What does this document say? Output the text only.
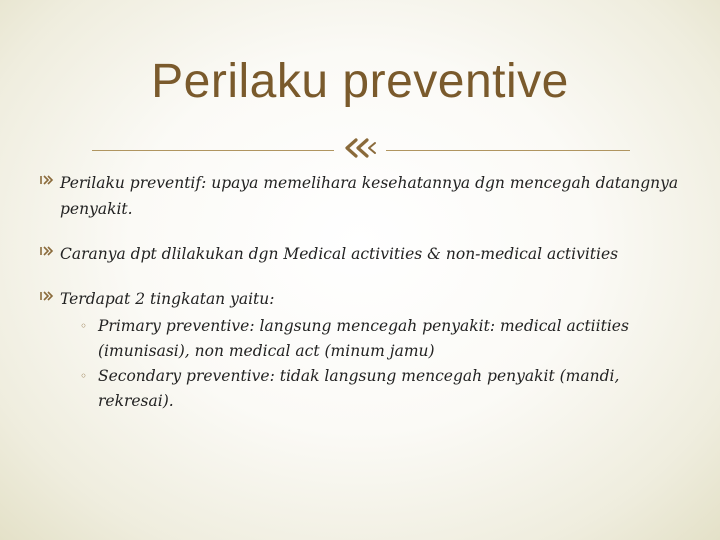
Perilaku preventive
Perilaku preventif: upaya memelihara kesehatannya dgn mencegah datangnya penyakit.
Caranya dpt dlilakukan dgn Medical activities & non-medical activities
Terdapat 2 tingkatan yaitu:
◦ Primary preventive: langsung mencegah penyakit: medical actiities (imunisasi), non medical act (minum jamu)
◦ Secondary preventive: tidak langsung mencegah penyakit (mandi, rekresai).
